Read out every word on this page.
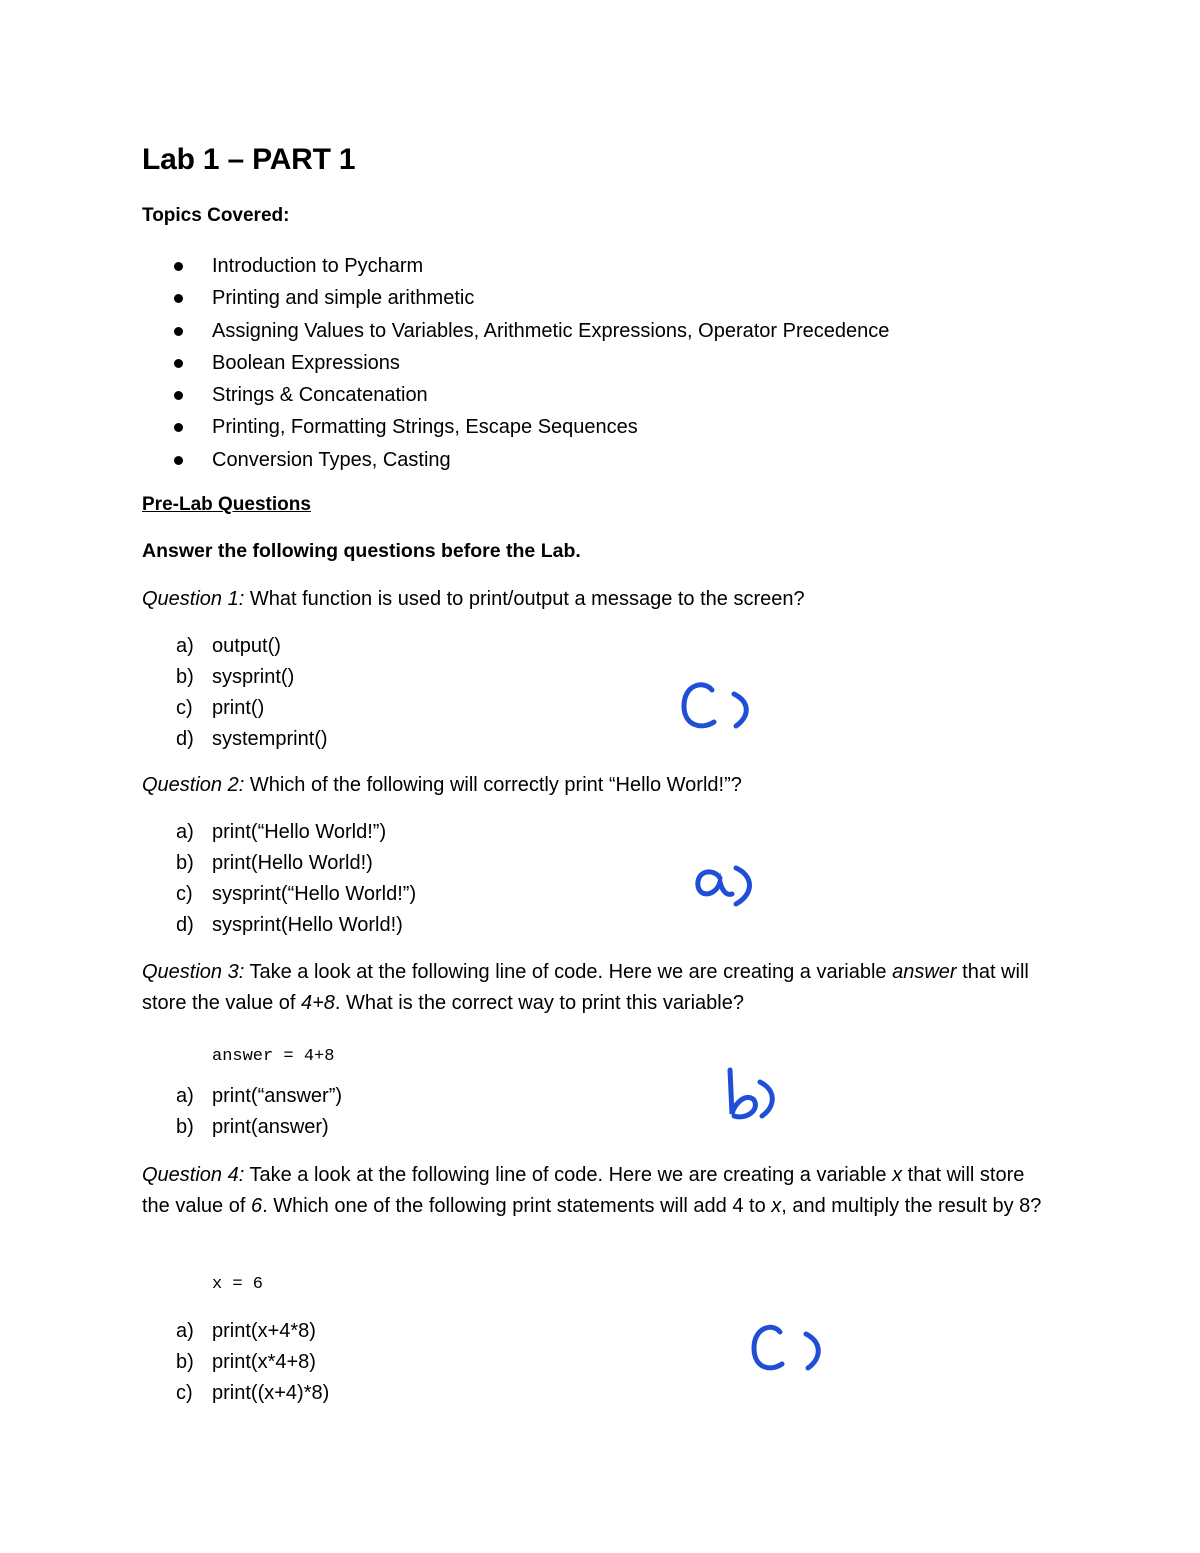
Lab 1 – PART 1
Topics Covered:
Introduction to Pycharm
Printing and simple arithmetic
Assigning Values to Variables, Arithmetic Expressions, Operator Precedence
Boolean Expressions
Strings & Concatenation
Printing, Formatting Strings, Escape Sequences
Conversion Types, Casting
Pre-Lab Questions
Answer the following questions before the Lab.
Question 1: What function is used to print/output a message to the screen?
a) output()
b) sysprint()
c) print()
d) systemprint()
Question 2: Which of the following will correctly print “Hello World!”?
a) print(“Hello World!”)
b) print(Hello World!)
c) sysprint(“Hello World!”)
d) sysprint(Hello World!)
Question 3: Take a look at the following line of code. Here we are creating a variable answer that will store the value of 4+8. What is the correct way to print this variable?
answer = 4+8
a) print(“answer”)
b) print(answer)
Question 4: Take a look at the following line of code. Here we are creating a variable x that will store the value of 6. Which one of the following print statements will add 4 to x, and multiply the result by 8?
x = 6
a) print(x+4*8)
b) print(x*4+8)
c) print((x+4)*8)
